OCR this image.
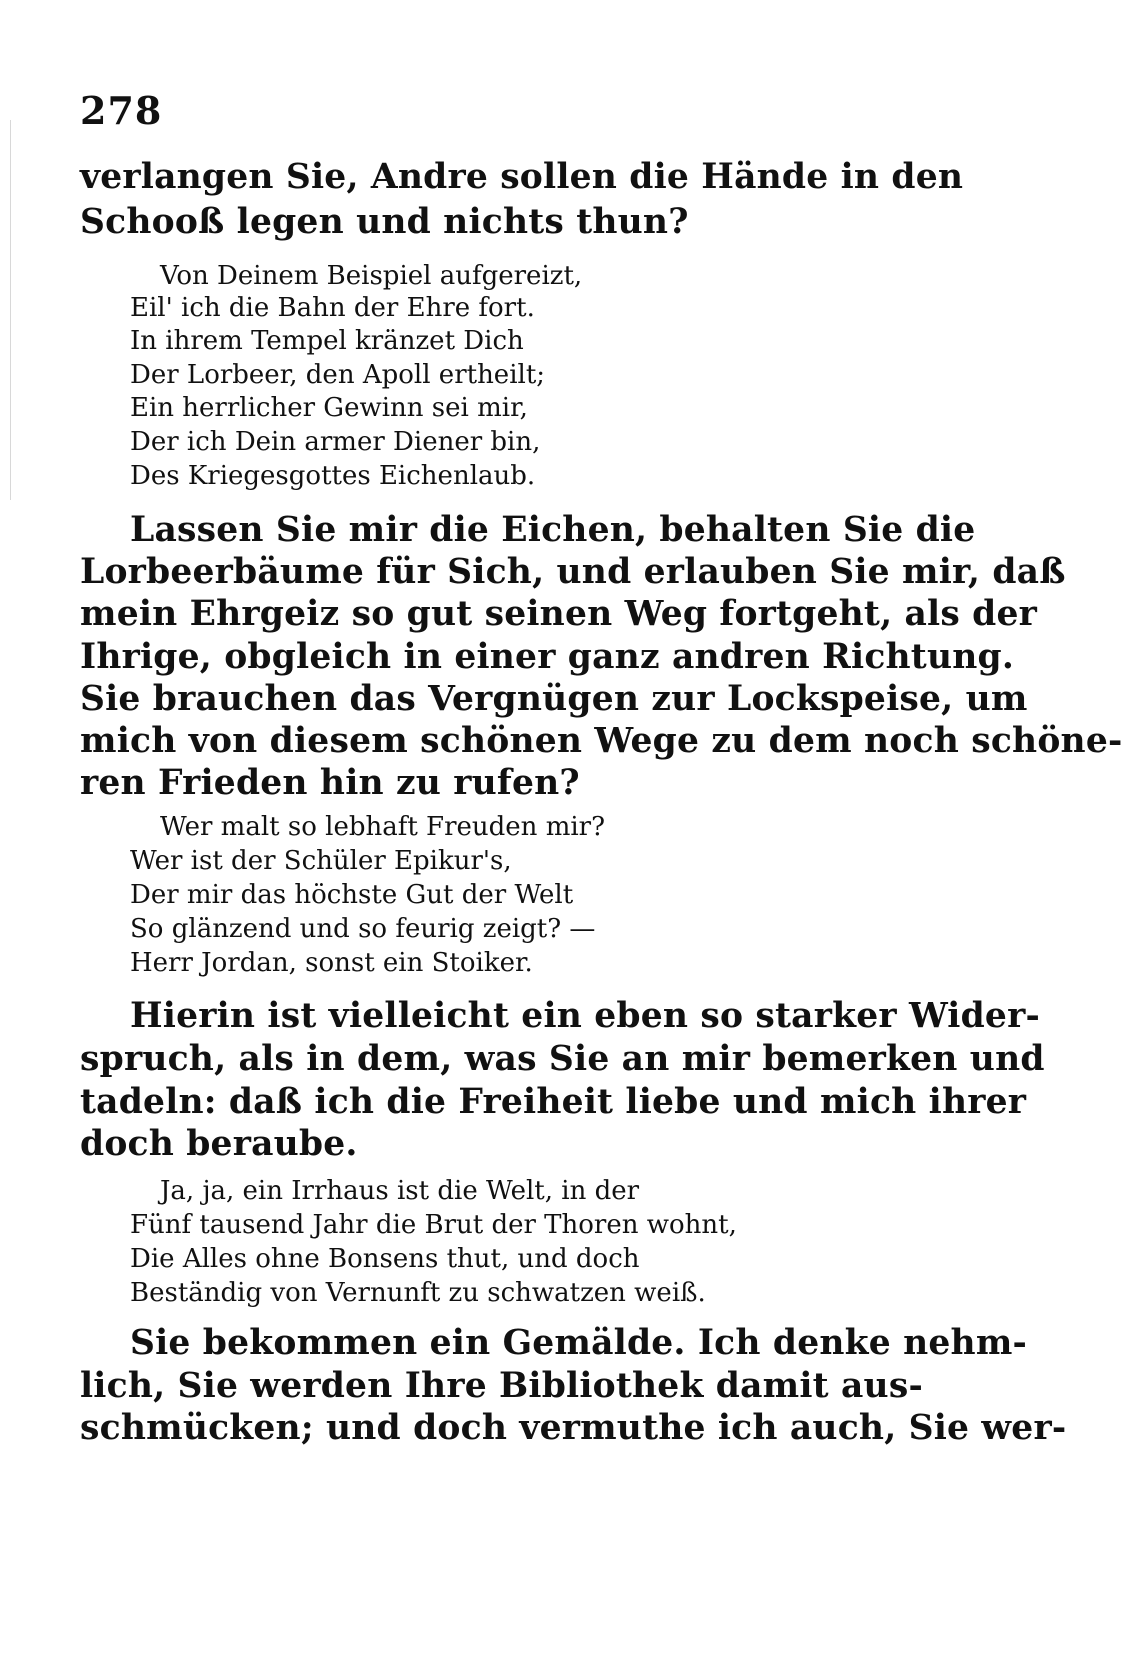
278
verlangen Sie, Andre sollen die Hände in den
Schooß legen und nichts thun?
Von Deinem Beispiel aufgereizt,
Eil' ich die Bahn der Ehre fort.
In ihrem Tempel kränzet Dich
Der Lorbeer, den Apoll ertheilt;
Ein herrlicher Gewinn sei mir,
Der ich Dein armer Diener bin,
Des Kriegesgottes Eichenlaub.
Lassen Sie mir die Eichen, behalten Sie die
Lorbeerbäume für Sich, und erlauben Sie mir, daß
mein Ehrgeiz so gut seinen Weg fortgeht, als der
Ihrige, obgleich in einer ganz andren Richtung.
Sie brauchen das Vergnügen zur Lockspeise, um
mich von diesem schönen Wege zu dem noch schöne-
ren Frieden hin zu rufen?
Wer malt so lebhaft Freuden mir?
Wer ist der Schüler Epikur's,
Der mir das höchste Gut der Welt
So glänzend und so feurig zeigt? —
Herr Jordan, sonst ein Stoiker.
Hierin ist vielleicht ein eben so starker Wider-
spruch, als in dem, was Sie an mir bemerken und
tadeln: daß ich die Freiheit liebe und mich ihrer
doch beraube.
Ja, ja, ein Irrhaus ist die Welt, in der
Fünf tausend Jahr die Brut der Thoren wohnt,
Die Alles ohne Bonsens thut, und doch
Beständig von Vernunft zu schwatzen weiß.
Sie bekommen ein Gemälde. Ich denke nehm-
lich, Sie werden Ihre Bibliothek damit aus-
schmücken; und doch vermuthe ich auch, Sie wer-
